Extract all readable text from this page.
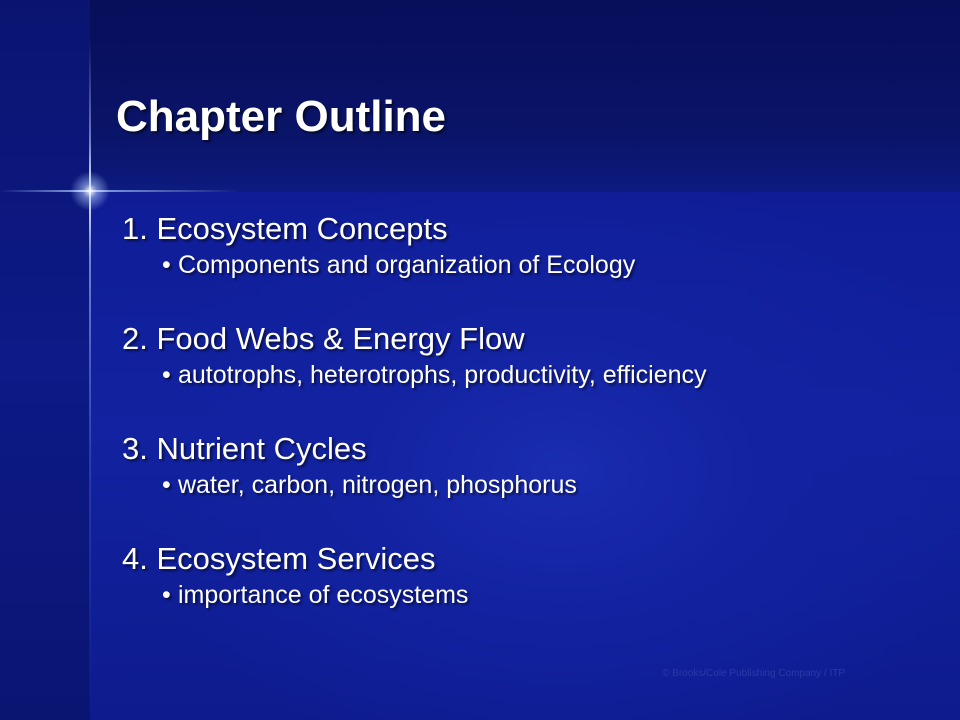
Chapter Outline
1. Ecosystem Concepts
• Components and organization of Ecology
2. Food Webs & Energy Flow
• autotrophs, heterotrophs, productivity, efficiency
3. Nutrient Cycles
• water, carbon, nitrogen, phosphorus
4. Ecosystem Services
• importance of ecosystems
© Brooks/Cole Publishing Company / ITP
